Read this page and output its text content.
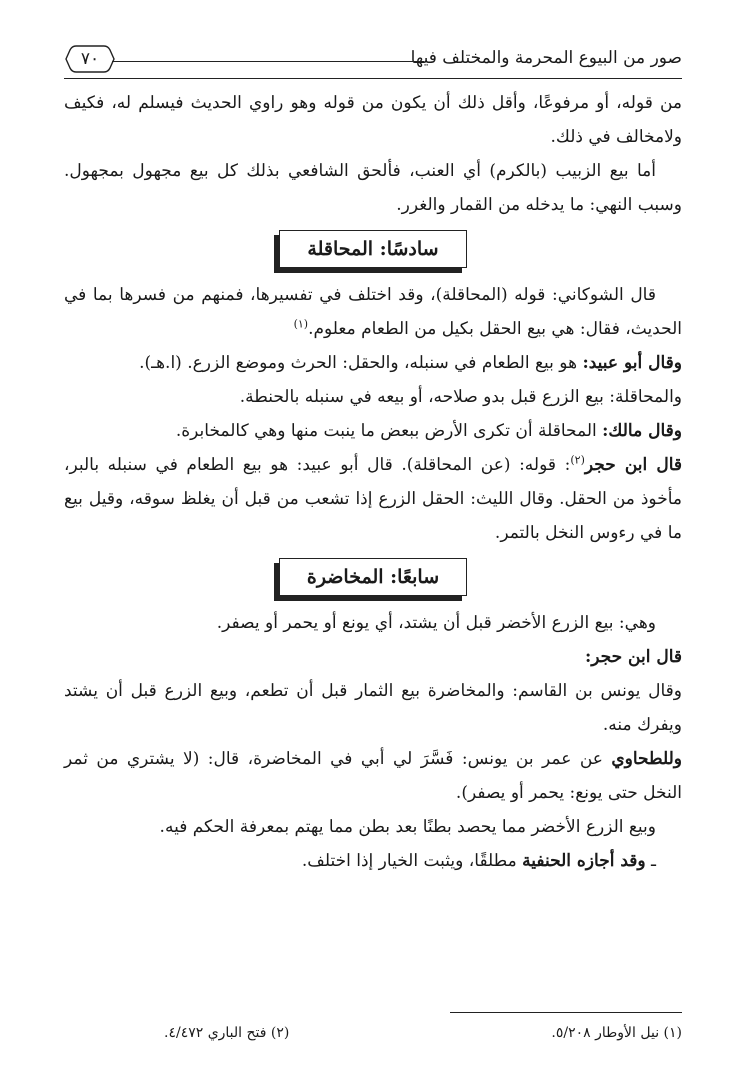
صور من البيوع المحرمة والمختلف فيها
٧٠

من قوله، أو مرفوعًا، وأقل ذلك أن يكون من قوله وهو راوي الحديث فيسلم له، فكيف ولامخالف في ذلك.

أما بيع الزبيب (بالكرم) أي العنب، فألحق الشافعي بذلك كل بيع مجهول بمجهول. وسبب النهي: ما يدخله من القمار والغرر.

سادسًا: المحاقلة

قال الشوكاني: قوله (المحاقلة)، وقد اختلف في تفسيرها، فمنهم من فسرها بما في الحديث، فقال: هي بيع الحقل بكيل من الطعام معلوم.$^{(١)}$

وقال أبو عبيد: هو بيع الطعام في سنبله، والحقل: الحرث وموضع الزرع. (ا.هـ).

والمحاقلة: بيع الزرع قبل بدو صلاحه، أو بيعه في سنبله بالحنطة.

وقال مالك: المحاقلة أن تكرى الأرض ببعض ما ينبت منها وهي كالمخابرة.

قال ابن حجر$^{(٢)}$: قوله: (عن المحاقلة). قال أبو عبيد: هو بيع الطعام في سنبله بالبر، مأخوذ من الحقل. وقال الليث: الحقل الزرع إذا تشعب من قبل أن يغلظ سوقه، وقيل بيع ما في رءوس النخل بالتمر.

سابعًا: المخاضرة

وهي: بيع الزرع الأخضر قبل أن يشتد، أي يونع أو يحمر أو يصفر.

قال ابن حجر:

وقال يونس بن القاسم: والمخاضرة بيع الثمار قبل أن تطعم، وبيع الزرع قبل أن يشتد ويفرك منه.

وللطحاوي عن عمر بن يونس: فَسَّرَ لي أبي في المخاضرة، قال: (لا يشتري من ثمر النخل حتى يونع: يحمر أو يصفر).

وبيع الزرع الأخضر مما يحصد بطنًا بعد بطن مما يهتم بمعرفة الحكم فيه.

ـ وقد أجازه الحنفية مطلقًا، ويثبت الخيار إذا اختلف.

(١) نيل الأوطار ٥/٢٠٨.
(٢) فتح الباري ٤/٤٧٢.
